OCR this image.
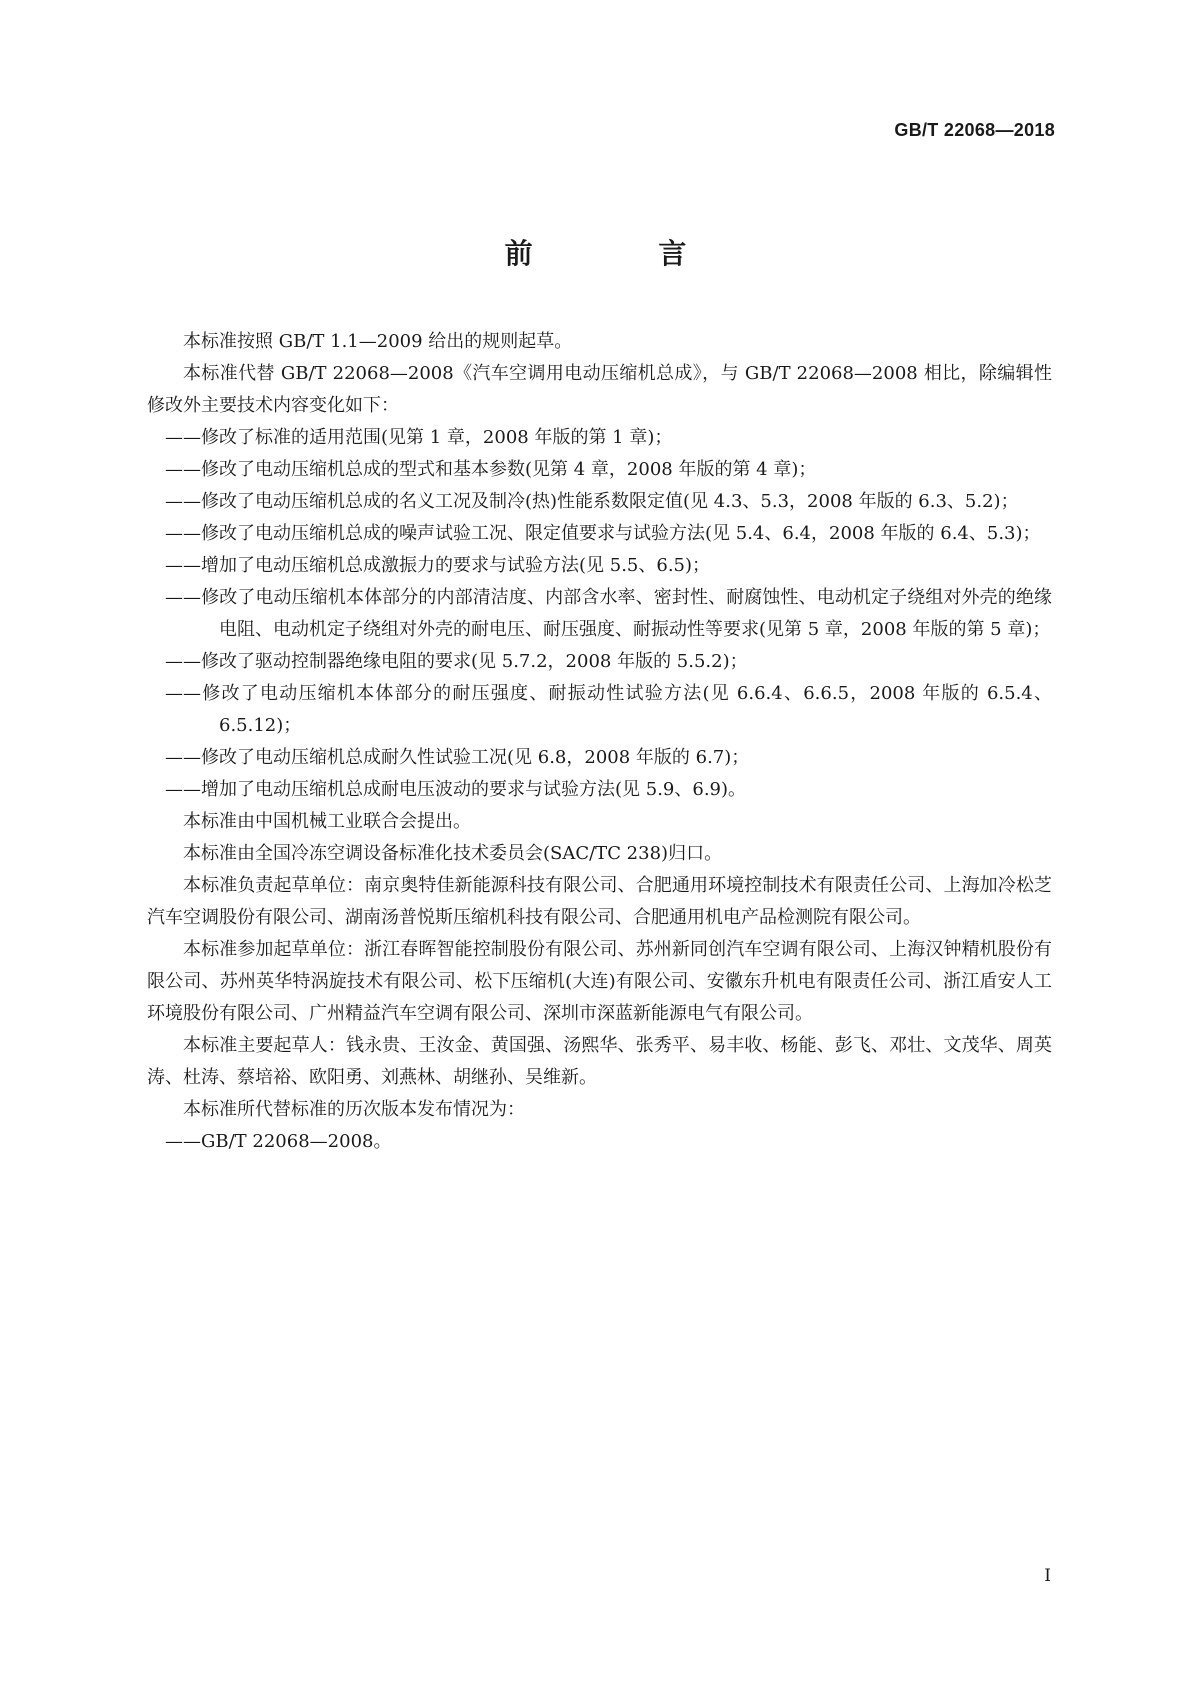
GB/T 22068—2018
前 言

本标准按照 GB/T 1.1—2009 给出的规则起草。

本标准代替 GB/T 22068—2008《汽车空调用电动压缩机总成》，与 GB/T 22068—2008 相比，除编辑性修改外主要技术内容变化如下：

——修改了标准的适用范围(见第 1 章，2008 年版的第 1 章)；

——修改了电动压缩机总成的型式和基本参数(见第 4 章，2008 年版的第 4 章)；

——修改了电动压缩机总成的名义工况及制冷(热)性能系数限定值(见 4.3、5.3，2008 年版的 6.3、5.2)；

——修改了电动压缩机总成的噪声试验工况、限定值要求与试验方法(见 5.4、6.4，2008 年版的 6.4、5.3)；

——增加了电动压缩机总成激振力的要求与试验方法(见 5.5、6.5)；

——修改了电动压缩机本体部分的内部清洁度、内部含水率、密封性、耐腐蚀性、电动机定子绕组对外壳的绝缘电阻、电动机定子绕组对外壳的耐电压、耐压强度、耐振动性等要求(见第 5 章，2008 年版的第 5 章)；

——修改了驱动控制器绝缘电阻的要求(见 5.7.2，2008 年版的 5.5.2)；

——修改了电动压缩机本体部分的耐压强度、耐振动性试验方法(见 6.6.4、6.6.5，2008 年版的 6.5.4、6.5.12)；

——修改了电动压缩机总成耐久性试验工况(见 6.8，2008 年版的 6.7)；

——增加了电动压缩机总成耐电压波动的要求与试验方法(见 5.9、6.9)。

本标准由中国机械工业联合会提出。

本标准由全国冷冻空调设备标准化技术委员会(SAC/TC 238)归口。

本标准负责起草单位：南京奥特佳新能源科技有限公司、合肥通用环境控制技术有限责任公司、上海加冷松芝汽车空调股份有限公司、湖南汤普悦斯压缩机科技有限公司、合肥通用机电产品检测院有限公司。

本标准参加起草单位：浙江春晖智能控制股份有限公司、苏州新同创汽车空调有限公司、上海汉钟精机股份有限公司、苏州英华特涡旋技术有限公司、松下压缩机(大连)有限公司、安徽东升机电有限责任公司、浙江盾安人工环境股份有限公司、广州精益汽车空调有限公司、深圳市深蓝新能源电气有限公司。

本标准主要起草人：钱永贵、王汝金、黄国强、汤熙华、张秀平、易丰收、杨能、彭飞、邓壮、文茂华、周英涛、杜涛、蔡培裕、欧阳勇、刘燕林、胡继孙、吴维新。

本标准所代替标准的历次版本发布情况为：

——GB/T 22068—2008。

I
